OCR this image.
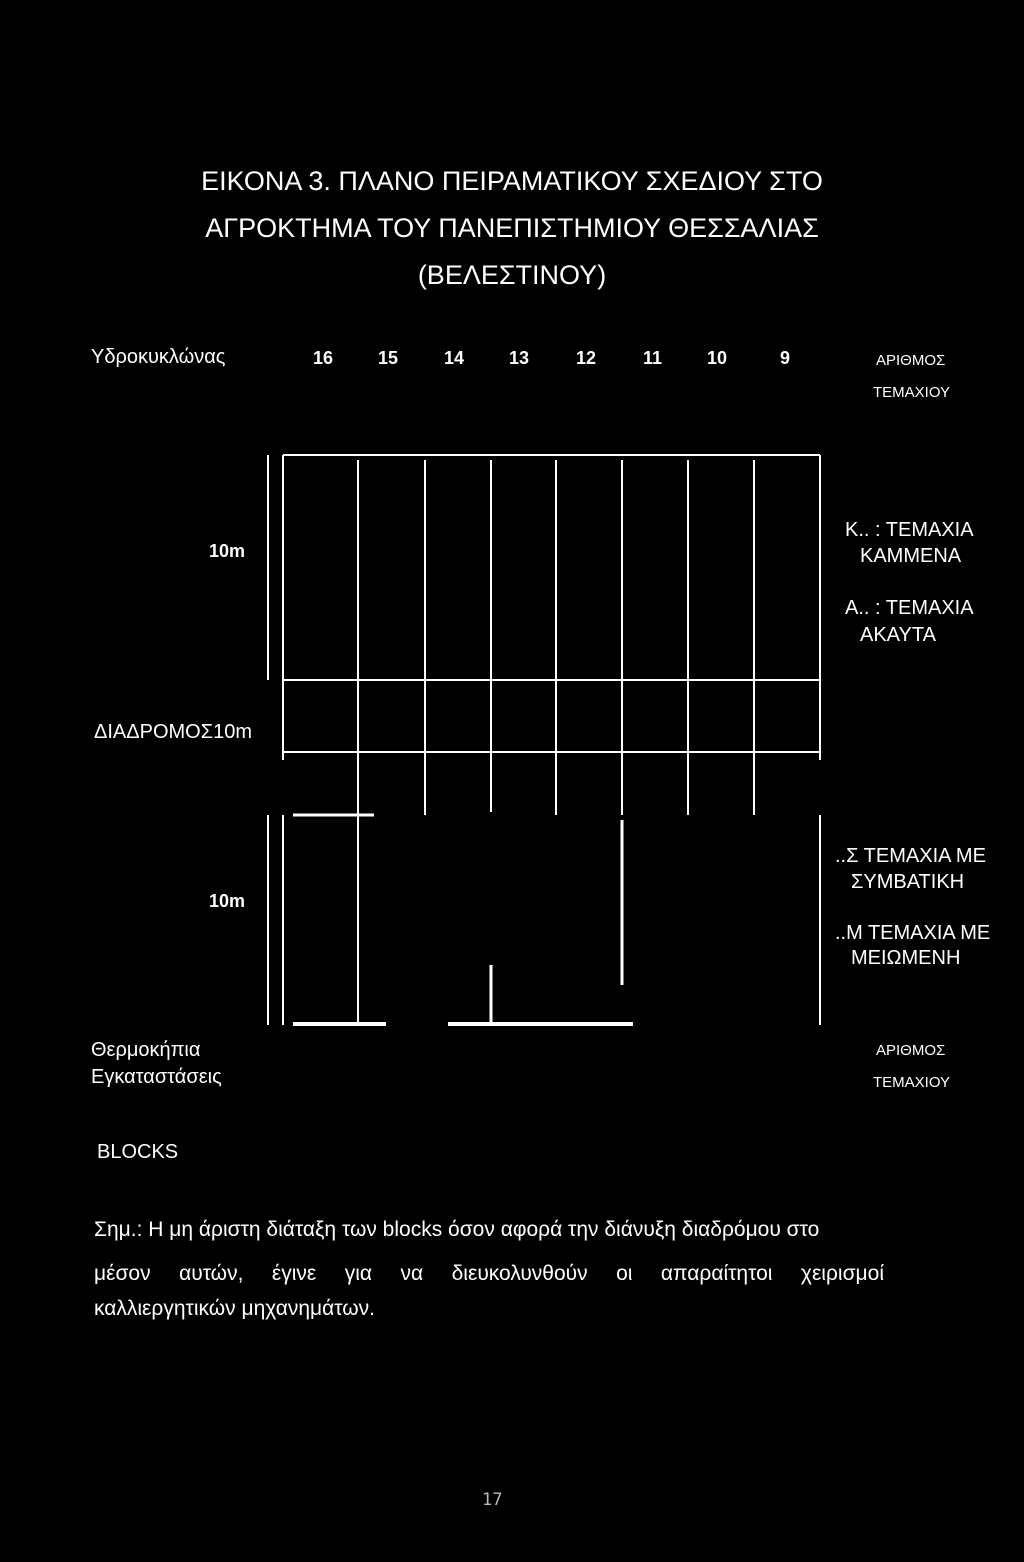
ΕΙΚΟΝΑ 3. ΠΛΑΝΟ ΠΕΙΡΑΜΑΤΙΚΟΥ ΣΧΕΔΙΟΥ ΣΤΟ
ΑΓΡΟΚΤΗΜΑ ΤΟΥ ΠΑΝΕΠΙΣΤΗΜΙΟΥ ΘΕΣΣΑΛΙΑΣ
(ΒΕΛΕΣΤΙΝΟΥ)
Υδροκυκλώνας	16 15	14 13	12	11 10	9	ΑΡΙΘΜΟΣ
ΤΕΜΑΧΙΟΥ
10m
ΔΙΑΔΡΟΜΟΣ10m
10m
Θερμοκήπια
Εγκαταστάσεις
Κ.. : ΤΕΜΑΧΙΑ
ΚΑΜΜΕΝΑ
Α.. : ΤΕΜΑΧΙΑ
ΑΚΑΥΤΑ
..Σ ΤΕΜΑΧΙΑ ΜΕ
ΣΥΜΒΑΤΙΚΗ
..Μ ΤΕΜΑΧΙΑ ΜΕ
ΜΕΙΩΜΕΝΗ
ΑΡΙΘΜΟΣ
ΤΕΜΑΧΙΟΥ
BLOCKS
Σημ.: Η μη άριστη διάταξη των blocks όσον αφορά την διάνυξη διαδρόμου στο
μέσον αυτών, έγινε για να διευκολυνθούν οι απαραίτητοι χειρισμοί
καλλιεργητικών μηχανημάτων.
17
